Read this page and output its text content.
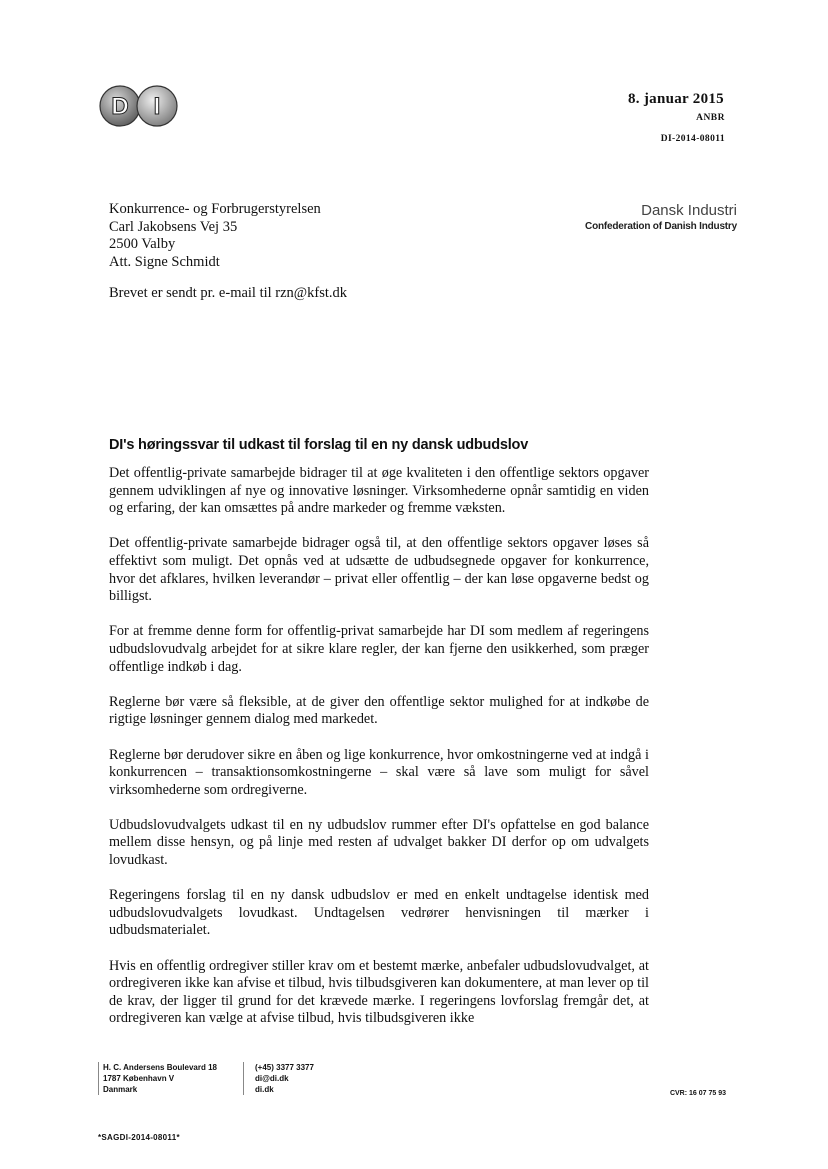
D I	8. januar 2015
ANBR
DI-2014-08011
Dansk Industri
Confederation of Danish Industry
Konkurrence- og Forbrugerstyrelsen
Carl Jakobsens Vej 35
2500 Valby
Att. Signe Schmidt
Brevet er sendt pr. e-mail til rzn@kfst.dk
DI's høringssvar til udkast til forslag til en ny dansk udbudslov

Det offentlig-private samarbejde bidrager til at øge kvaliteten i den offentlige sektors opgaver gennem udviklingen af nye og innovative løsninger. Virksomhederne opnår samtidig en viden og erfaring, der kan omsættes på andre markeder og fremme væksten.

Det offentlig-private samarbejde bidrager også til, at den offentlige sektors opgaver løses så effektivt som muligt. Det opnås ved at udsætte de udbudsegnede opgaver for konkurrence, hvor det afklares, hvilken leverandør – privat eller offentlig – der kan løse opgaverne bedst og billigst.

For at fremme denne form for offentlig-privat samarbejde har DI som medlem af regeringens udbudslovudvalg arbejdet for at sikre klare regler, der kan fjerne den usikkerhed, som præger offentlige indkøb i dag.

Reglerne bør være så fleksible, at de giver den offentlige sektor mulighed for at indkøbe de rigtige løsninger gennem dialog med markedet.

Reglerne bør derudover sikre en åben og lige konkurrence, hvor omkostningerne ved at indgå i konkurrencen – transaktionsomkostningerne – skal være så lave som muligt for såvel virksomhederne som ordregiverne.

Udbudslovudvalgets udkast til en ny udbudslov rummer efter DI's opfattelse en god balance mellem disse hensyn, og på linje med resten af udvalget bakker DI derfor op om udvalgets lovudkast.

Regeringens forslag til en ny dansk udbudslov er med en enkelt undtagelse identisk med udbudslovudvalgets lovudkast. Undtagelsen vedrører henvisningen til mærker i udbudsmaterialet.

Hvis en offentlig ordregiver stiller krav om et bestemt mærke, anbefaler udbudslovudvalget, at ordregiveren ikke kan afvise et tilbud, hvis tilbudsgiveren kan dokumentere, at man lever op til de krav, der ligger til grund for det krævede mærke. I regeringens lovforslag fremgår det, at ordregiveren kan vælge at afvise tilbud, hvis tilbudsgiveren ikke

H. C. Andersens Boulevard 18
1787 København V
Danmark
(+45) 3377 3377
di@di.dk
di.dk	CVR: 16 07 75 93
*SAGDI-2014-08011*
